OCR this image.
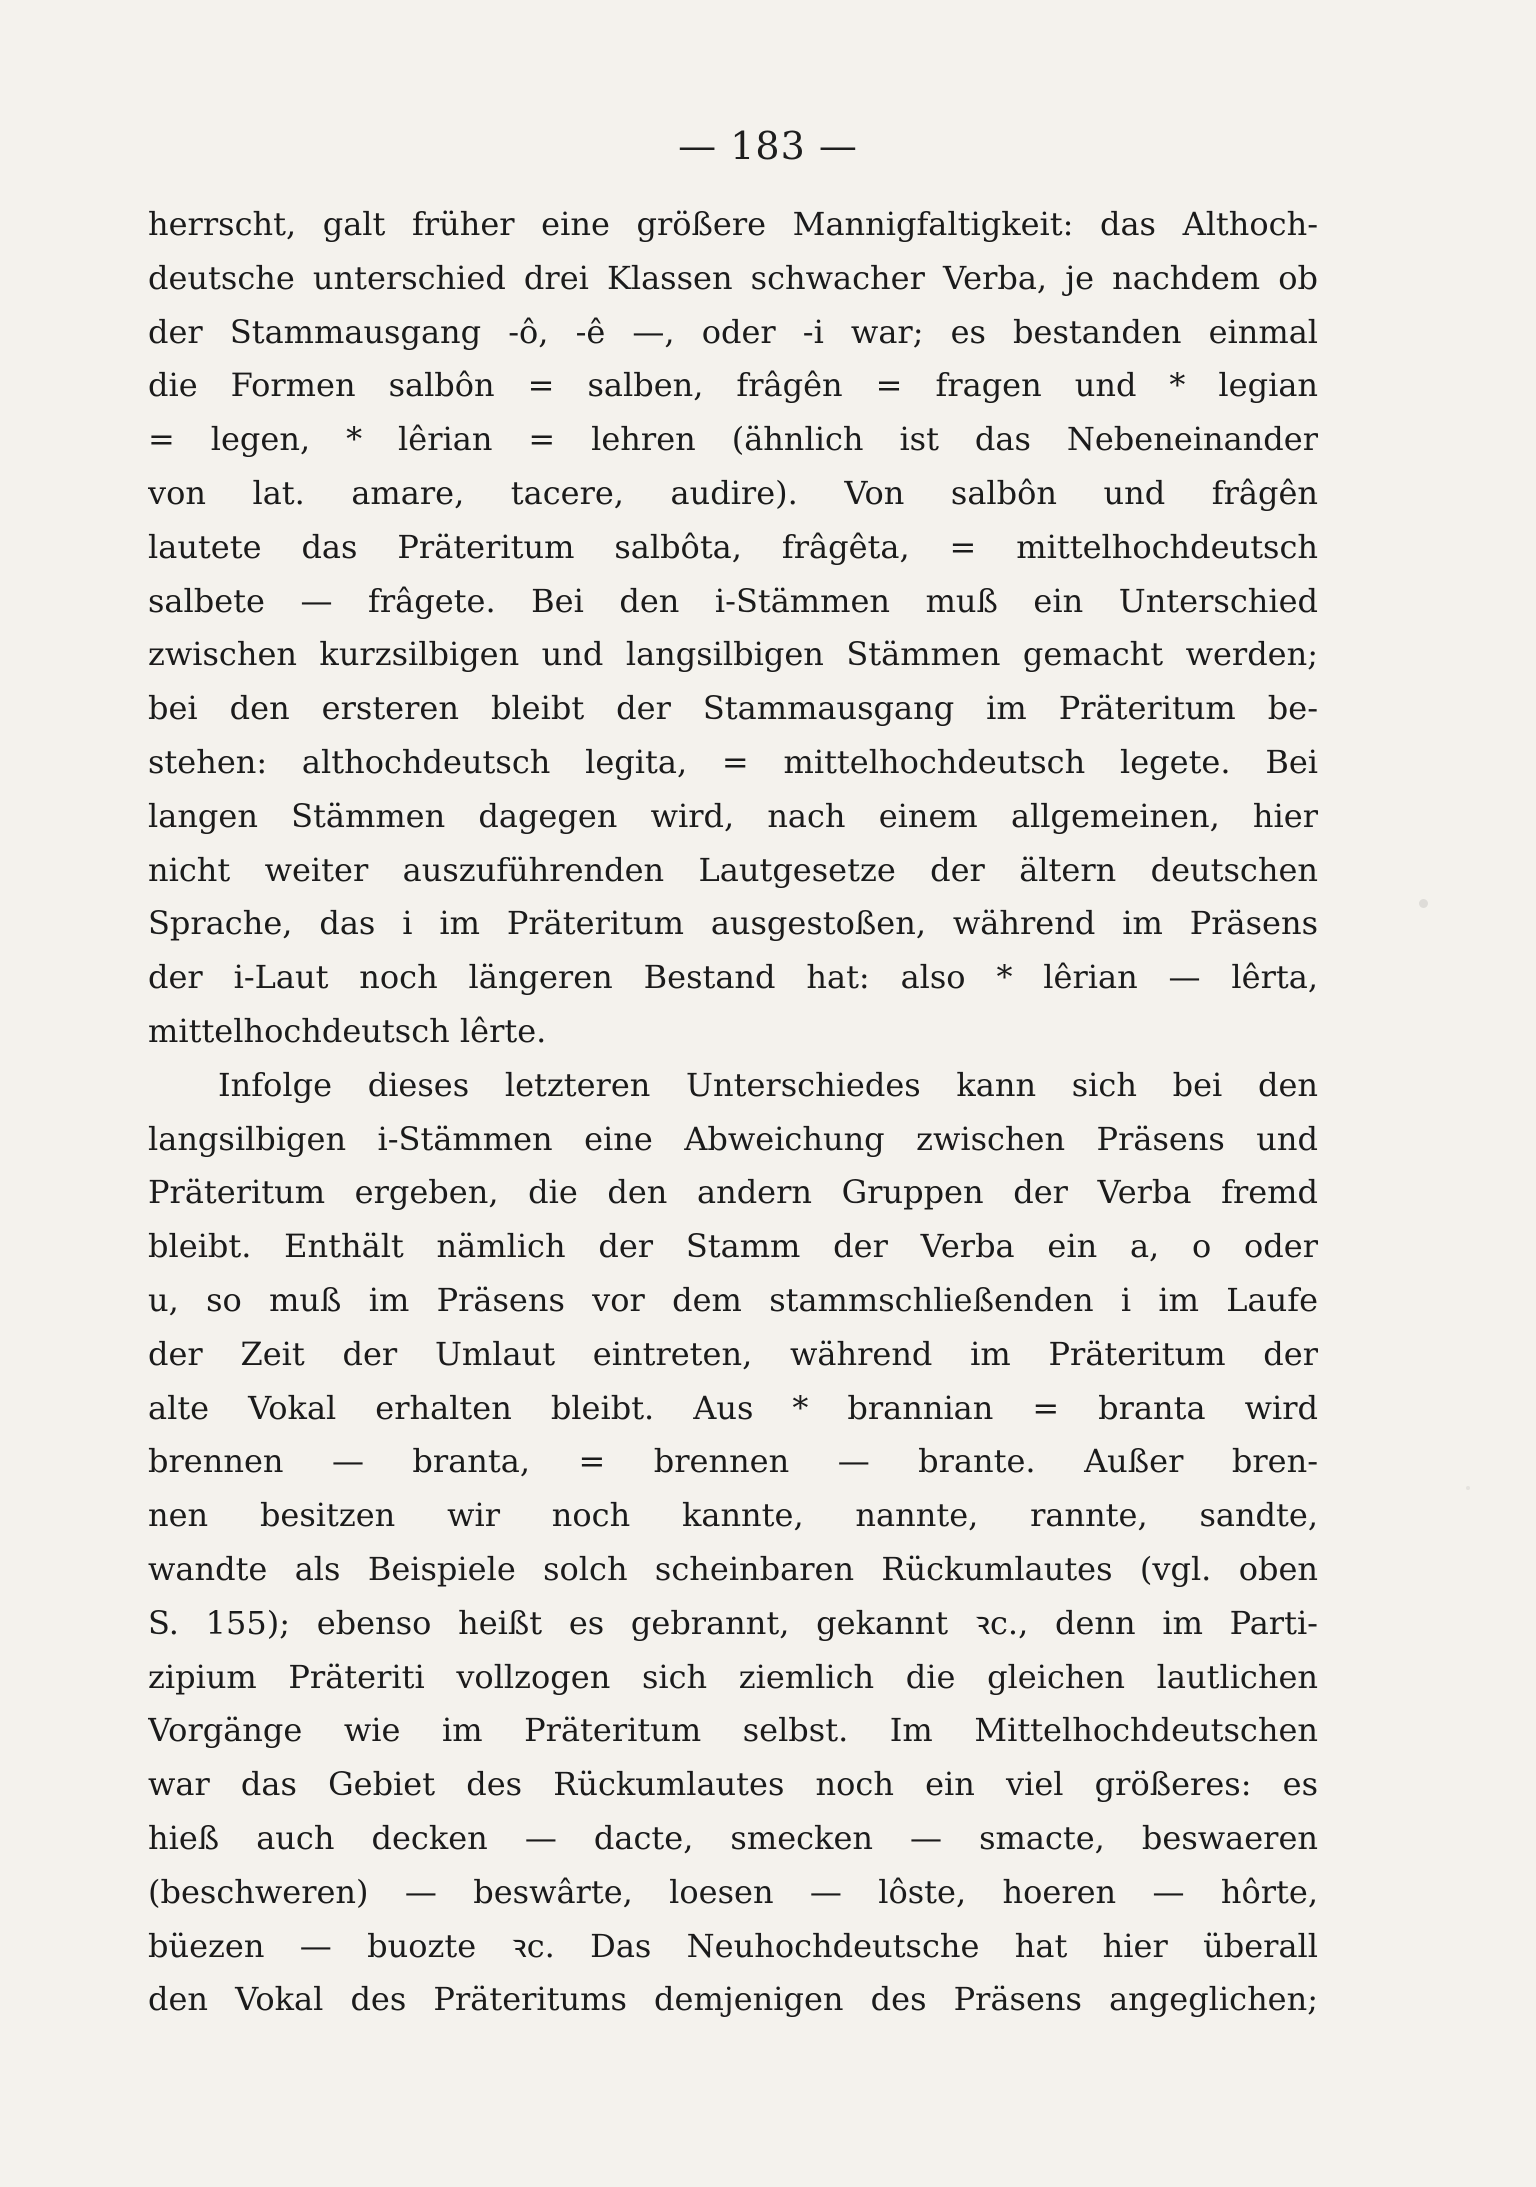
— 183 —
herrscht, galt früher eine größere Mannigfaltigkeit: das Althoch-
deutsche unterschied drei Klassen schwacher Verba, je nachdem ob
der Stammausgang -ô, -ê —, oder -i war; es bestanden einmal
die Formen salbôn = salben, frâgên = fragen und * legian
= legen, * lêrian = lehren (ähnlich ist das Nebeneinander
von lat. amare, tacere, audire). Von salbôn und frâgên
lautete das Präteritum salbôta, frâgêta, = mittelhochdeutsch
salbete — frâgete. Bei den i-Stämmen muß ein Unterschied
zwischen kurzsilbigen und langsilbigen Stämmen gemacht werden;
bei den ersteren bleibt der Stammausgang im Präteritum be-
stehen: althochdeutsch legita, = mittelhochdeutsch legete. Bei
langen Stämmen dagegen wird, nach einem allgemeinen, hier
nicht weiter auszuführenden Lautgesetze der ältern deutschen
Sprache, das i im Präteritum ausgestoßen, während im Präsens
der i-Laut noch längeren Bestand hat: also * lêrian — lêrta,
mittelhochdeutsch lêrte.
Infolge dieses letzteren Unterschiedes kann sich bei den
langsilbigen i-Stämmen eine Abweichung zwischen Präsens und
Präteritum ergeben, die den andern Gruppen der Verba fremd
bleibt. Enthält nämlich der Stamm der Verba ein a, o oder
u, so muß im Präsens vor dem stammschließenden i im Laufe
der Zeit der Umlaut eintreten, während im Präteritum der
alte Vokal erhalten bleibt. Aus * brannian = branta wird
brennen — branta, = brennen — brante. Außer bren-
nen besitzen wir noch kannte, nannte, rannte, sandte,
wandte als Beispiele solch scheinbaren Rückumlautes (vgl. oben
S. 155); ebenso heißt es gebrannt, gekannt ꝛc., denn im Parti-
zipium Präteriti vollzogen sich ziemlich die gleichen lautlichen
Vorgänge wie im Präteritum selbst. Im Mittelhochdeutschen
war das Gebiet des Rückumlautes noch ein viel größeres: es
hieß auch decken — dacte, smecken — smacte, beswaeren
(beschweren) — beswârte, loesen — lôste, hoeren — hôrte,
büezen — buozte ꝛc. Das Neuhochdeutsche hat hier überall
den Vokal des Präteritums demjenigen des Präsens angeglichen;
